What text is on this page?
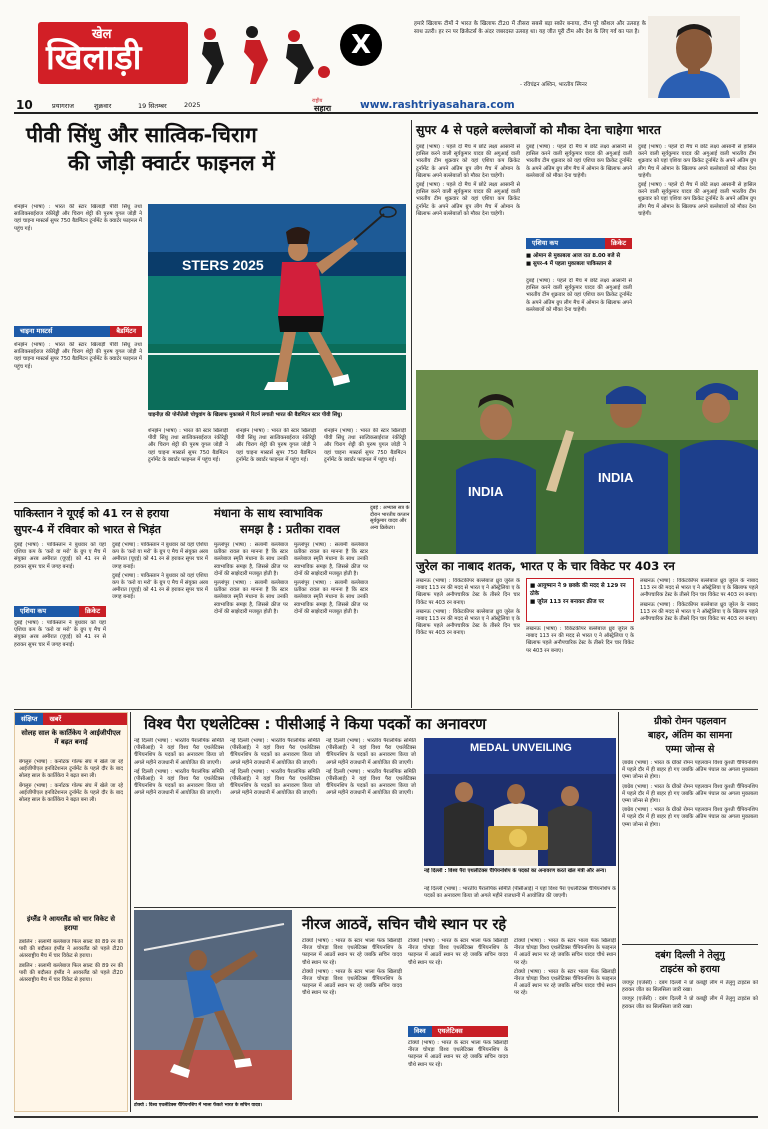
खेल
खिलाड़ी	X
हमारे खिलाफ टीमों ने भारत के खिलाफ टी20 में तीसरा सबसे बड़ा स्कोर बनाया, टीम पूरे कौशल और उत्साह के साथ उतरी। हर रन पर क्रिकेटर्स के अंदर जबरदस्त उत्साह था। यह जीत पूरी टीम और देश के लिए गर्व का पल है।
- रविचंद्रन अश्विन, भारतीय स्पिनर
10	प्रयागराज	शुक्रवार	19 सितम्बर	2025	राष्ट्रीय
सहारा	www.rashtriyasahara.com
पीवी सिंधु और सात्विक-चिराग
की जोड़ी क्वार्टर फाइनल में
शेनझेन (भाषा) : भारत की स्टार खिलाड़ी पीवी सिंधु तथा सात्विकसाईराज रंकीरेड्डी और चिराग शेट्टी की पुरुष युगल जोड़ी ने यहां चाइना मास्टर्स सुपर 750 बैडमिंटन टूर्नामेंट के क्वार्टर फाइनल में पहुंच गई।
चाइना मास्टर्स	बैडमिंटन

शेनझेन (भाषा) : भारत की स्टार खिलाड़ी पीवी सिंधु तथा सात्विकसाईराज रंकीरेड्डी और चिराग शेट्टी की पुरुष युगल जोड़ी ने यहां चाइना मास्टर्स सुपर 750 बैडमिंटन टूर्नामेंट के क्वार्टर फाइनल में पहुंच गई।

STERS 2025
चाइनीज़ की पोनीतेली चोचुवांग के खिलाफ मुकाबले में रिटर्न लगाती भारत की बैडमिंटन स्टार पीवी सिंधु।

शेनझेन (भाषा) : भारत की स्टार खिलाड़ी पीवी सिंधु तथा सात्विकसाईराज रंकीरेड्डी और चिराग शेट्टी की पुरुष युगल जोड़ी ने यहां चाइना मास्टर्स सुपर 750 बैडमिंटन टूर्नामेंट के क्वार्टर फाइनल में पहुंच गई।

शेनझेन (भाषा) : भारत की स्टार खिलाड़ी पीवी सिंधु तथा सात्विकसाईराज रंकीरेड्डी और चिराग शेट्टी की पुरुष युगल जोड़ी ने यहां चाइना मास्टर्स सुपर 750 बैडमिंटन टूर्नामेंट के क्वार्टर फाइनल में पहुंच गई।

शेनझेन (भाषा) : भारत की स्टार खिलाड़ी पीवी सिंधु तथा सात्विकसाईराज रंकीरेड्डी और चिराग शेट्टी की पुरुष युगल जोड़ी ने यहां चाइना मास्टर्स सुपर 750 बैडमिंटन टूर्नामेंट के क्वार्टर फाइनल में पहुंच गई।

सुपर 4 से पहले बल्लेबाजों को मौका देना चाहेगा भारत

दुबई (भाषा) : पहले दो मैच में छोटे लक्ष्य आसानी से हासिल करने वाली सूर्यकुमार यादव की अगुआई वाली भारतीय टीम शुक्रवार को यहां एशिया कप क्रिकेट टूर्नामेंट के अपने अंतिम ग्रुप लीग मैच में ओमान के खिलाफ अपने बल्लेबाजों को मौका देना चाहेगी।

दुबई (भाषा) : पहले दो मैच में छोटे लक्ष्य आसानी से हासिल करने वाली सूर्यकुमार यादव की अगुआई वाली भारतीय टीम शुक्रवार को यहां एशिया कप क्रिकेट टूर्नामेंट के अपने अंतिम ग्रुप लीग मैच में ओमान के खिलाफ अपने बल्लेबाजों को मौका देना चाहेगी।

दुबई (भाषा) : पहले दो मैच में छोटे लक्ष्य आसानी से हासिल करने वाली सूर्यकुमार यादव की अगुआई वाली भारतीय टीम शुक्रवार को यहां एशिया कप क्रिकेट टूर्नामेंट के अपने अंतिम ग्रुप लीग मैच में ओमान के खिलाफ अपने बल्लेबाजों को मौका देना चाहेगी।

एशिया कप	क्रिकेट
■ ओमान से मुकाबला आज रात 8.00 बजे से
■ सुपर-4 में पहला मुकाबला पाकिस्तान से

दुबई (भाषा) : पहले दो मैच में छोटे लक्ष्य आसानी से हासिल करने वाली सूर्यकुमार यादव की अगुआई वाली भारतीय टीम शुक्रवार को यहां एशिया कप क्रिकेट टूर्नामेंट के अपने अंतिम ग्रुप लीग मैच में ओमान के खिलाफ अपने बल्लेबाजों को मौका देना चाहेगी।

दुबई (भाषा) : पहले दो मैच में छोटे लक्ष्य आसानी से हासिल करने वाली सूर्यकुमार यादव की अगुआई वाली भारतीय टीम शुक्रवार को यहां एशिया कप क्रिकेट टूर्नामेंट के अपने अंतिम ग्रुप लीग मैच में ओमान के खिलाफ अपने बल्लेबाजों को मौका देना चाहेगी।

दुबई (भाषा) : पहले दो मैच में छोटे लक्ष्य आसानी से हासिल करने वाली सूर्यकुमार यादव की अगुआई वाली भारतीय टीम शुक्रवार को यहां एशिया कप क्रिकेट टूर्नामेंट के अपने अंतिम ग्रुप लीग मैच में ओमान के खिलाफ अपने बल्लेबाजों को मौका देना चाहेगी।

INDIA
INDIA
दुबई : अभ्यास सत्र के दौरान भारतीय कप्तान सूर्यकुमार यादव और अन्य क्रिकेटर।
पाकिस्तान ने यूएई को 41 रन से हराया
सुपर-4 में रविवार को भारत से भिड़ंत

दुबई (भाषा) : पाकिस्तान ने बुधवार को यहां एशिया कप के ‘करो या मरो’ के ग्रुप ए मैच में संयुक्त अरब अमीरात (यूएई) को 41 रन से हराकर सुपर चार में जगह बनाई।

एशिया कप	क्रिकेट

दुबई (भाषा) : पाकिस्तान ने बुधवार को यहां एशिया कप के ‘करो या मरो’ के ग्रुप ए मैच में संयुक्त अरब अमीरात (यूएई) को 41 रन से हराकर सुपर चार में जगह बनाई।

दुबई (भाषा) : पाकिस्तान ने बुधवार को यहां एशिया कप के ‘करो या मरो’ के ग्रुप ए मैच में संयुक्त अरब अमीरात (यूएई) को 41 रन से हराकर सुपर चार में जगह बनाई।

दुबई (भाषा) : पाकिस्तान ने बुधवार को यहां एशिया कप के ‘करो या मरो’ के ग्रुप ए मैच में संयुक्त अरब अमीरात (यूएई) को 41 रन से हराकर सुपर चार में जगह बनाई।

मंधाना के साथ स्वाभाविक
समझ है : प्रतीका रावल

मुल्लांपुर (भाषा) : सलामी बल्लेबाज प्रतीका रावल का मानना है कि स्टार बल्लेबाज स्मृति मंधाना के साथ उनकी स्वाभाविक समझ है, जिससे क्रीज पर दोनों की साझेदारी मजबूत होती है।

मुल्लांपुर (भाषा) : सलामी बल्लेबाज प्रतीका रावल का मानना है कि स्टार बल्लेबाज स्मृति मंधाना के साथ उनकी स्वाभाविक समझ है, जिससे क्रीज पर दोनों की साझेदारी मजबूत होती है।

मुल्लांपुर (भाषा) : सलामी बल्लेबाज प्रतीका रावल का मानना है कि स्टार बल्लेबाज स्मृति मंधाना के साथ उनकी स्वाभाविक समझ है, जिससे क्रीज पर दोनों की साझेदारी मजबूत होती है।

मुल्लांपुर (भाषा) : सलामी बल्लेबाज प्रतीका रावल का मानना है कि स्टार बल्लेबाज स्मृति मंधाना के साथ उनकी स्वाभाविक समझ है, जिससे क्रीज पर दोनों की साझेदारी मजबूत होती है।

जुरेल का नाबाद शतक, भारत ए के चार विकेट पर 403 रन

लखनऊ (भाषा) : विकेटकीपर बल्लेबाज ध्रुव जुरेल के नाबाद 113 रन की मदद से भारत ए ने ऑस्ट्रेलिया ए के खिलाफ पहले अनौपचारिक टेस्ट के तीसरे दिन चार विकेट पर 403 रन बनाए।

लखनऊ (भाषा) : विकेटकीपर बल्लेबाज ध्रुव जुरेल के नाबाद 113 रन की मदद से भारत ए ने ऑस्ट्रेलिया ए के खिलाफ पहले अनौपचारिक टेस्ट के तीसरे दिन चार विकेट पर 403 रन बनाए।

■ आयुष्मान ने 9 छक्के की मदद से 129 रन ठोके
■ जुरेल 113 रन बनाकर क्रीज पर

लखनऊ (भाषा) : विकेटकीपर बल्लेबाज ध्रुव जुरेल के नाबाद 113 रन की मदद से भारत ए ने ऑस्ट्रेलिया ए के खिलाफ पहले अनौपचारिक टेस्ट के तीसरे दिन चार विकेट पर 403 रन बनाए।

लखनऊ (भाषा) : विकेटकीपर बल्लेबाज ध्रुव जुरेल के नाबाद 113 रन की मदद से भारत ए ने ऑस्ट्रेलिया ए के खिलाफ पहले अनौपचारिक टेस्ट के तीसरे दिन चार विकेट पर 403 रन बनाए।

लखनऊ (भाषा) : विकेटकीपर बल्लेबाज ध्रुव जुरेल के नाबाद 113 रन की मदद से भारत ए ने ऑस्ट्रेलिया ए के खिलाफ पहले अनौपचारिक टेस्ट के तीसरे दिन चार विकेट पर 403 रन बनाए।

संक्षिप्त	खबरें
सोलह साल के कार्तिकेय ने आईजीपीएल में बढ़त बनाई

बेंगलुरु (भाषा) : कर्नाटक गोल्फ संघ में खेले जा रहे आईजीपीएल इनविटेशनल टूर्नामेंट के पहले दौर के बाद सोलह साल के कार्तिकेय ने बढ़त बना ली।

बेंगलुरु (भाषा) : कर्नाटक गोल्फ संघ में खेले जा रहे आईजीपीएल इनविटेशनल टूर्नामेंट के पहले दौर के बाद सोलह साल के कार्तिकेय ने बढ़त बना ली।

इंग्लैंड ने आयरलैंड को चार विकेट से हराया

डबलिन : सलामी बल्लेबाज फिल साल्ट की 89 रन की पारी की बदौलत इंग्लैंड ने आयरलैंड को पहले टी20 अंतरराष्ट्रीय मैच में चार विकेट से हराया।

डबलिन : सलामी बल्लेबाज फिल साल्ट की 89 रन की पारी की बदौलत इंग्लैंड ने आयरलैंड को पहले टी20 अंतरराष्ट्रीय मैच में चार विकेट से हराया।

विश्व पैरा एथलेटिक्स : पीसीआई ने किया पदकों का अनावरण

नई दिल्ली (भाषा) : भारतीय पैरालंपिक समिति (पीसीआई) ने यहां विश्व पैरा एथलेटिक्स चैंपियनशिप के पदकों का अनावरण किया जो अगले महीने राजधानी में आयोजित की जाएगी।

नई दिल्ली (भाषा) : भारतीय पैरालंपिक समिति (पीसीआई) ने यहां विश्व पैरा एथलेटिक्स चैंपियनशिप के पदकों का अनावरण किया जो अगले महीने राजधानी में आयोजित की जाएगी।

नई दिल्ली (भाषा) : भारतीय पैरालंपिक समिति (पीसीआई) ने यहां विश्व पैरा एथलेटिक्स चैंपियनशिप के पदकों का अनावरण किया जो अगले महीने राजधानी में आयोजित की जाएगी।

नई दिल्ली (भाषा) : भारतीय पैरालंपिक समिति (पीसीआई) ने यहां विश्व पैरा एथलेटिक्स चैंपियनशिप के पदकों का अनावरण किया जो अगले महीने राजधानी में आयोजित की जाएगी।

नई दिल्ली (भाषा) : भारतीय पैरालंपिक समिति (पीसीआई) ने यहां विश्व पैरा एथलेटिक्स चैंपियनशिप के पदकों का अनावरण किया जो अगले महीने राजधानी में आयोजित की जाएगी।

नई दिल्ली (भाषा) : भारतीय पैरालंपिक समिति (पीसीआई) ने यहां विश्व पैरा एथलेटिक्स चैंपियनशिप के पदकों का अनावरण किया जो अगले महीने राजधानी में आयोजित की जाएगी।

MEDAL UNVEILING
नई दिल्ली : विश्व पैरा एथलेटिक्स चैंपियनशिप के पदकों का अनावरण करते खेल मंत्री और अन्य।

नई दिल्ली (भाषा) : भारतीय पैरालंपिक समिति (पीसीआई) ने यहां विश्व पैरा एथलेटिक्स चैंपियनशिप के पदकों का अनावरण किया जो अगले महीने राजधानी में आयोजित की जाएगी।

ग्रीको रोमन पहलवान
बाहर, अंतिम का सामना
एम्मा जोन्स से

ज़ाग्रेब (भाषा) : भारत के ग्रीको रोमन पहलवान विश्व कुश्ती चैंपियनशिप में पहले दौर में ही बाहर हो गए जबकि अंतिम पंघाल का अगला मुकाबला एम्मा जोन्स से होगा।

ज़ाग्रेब (भाषा) : भारत के ग्रीको रोमन पहलवान विश्व कुश्ती चैंपियनशिप में पहले दौर में ही बाहर हो गए जबकि अंतिम पंघाल का अगला मुकाबला एम्मा जोन्स से होगा।

ज़ाग्रेब (भाषा) : भारत के ग्रीको रोमन पहलवान विश्व कुश्ती चैंपियनशिप में पहले दौर में ही बाहर हो गए जबकि अंतिम पंघाल का अगला मुकाबला एम्मा जोन्स से होगा।

टोक्यो : विश्व एथलेटिक्स चैंपियनशिप में भाला फेंकते भारत के सचिन यादव।
नीरज आठवें, सचिन चौथे स्थान पर रहे

टोक्यो (भाषा) : भारत के स्टार भाला फेंक खिलाड़ी नीरज चोपड़ा विश्व एथलेटिक्स चैंपियनशिप के फाइनल में आठवें स्थान पर रहे जबकि सचिन यादव चौथे स्थान पर रहे।

टोक्यो (भाषा) : भारत के स्टार भाला फेंक खिलाड़ी नीरज चोपड़ा विश्व एथलेटिक्स चैंपियनशिप के फाइनल में आठवें स्थान पर रहे जबकि सचिन यादव चौथे स्थान पर रहे।

टोक्यो (भाषा) : भारत के स्टार भाला फेंक खिलाड़ी नीरज चोपड़ा विश्व एथलेटिक्स चैंपियनशिप के फाइनल में आठवें स्थान पर रहे जबकि सचिन यादव चौथे स्थान पर रहे।

विश्व	एथलेटिक्स

टोक्यो (भाषा) : भारत के स्टार भाला फेंक खिलाड़ी नीरज चोपड़ा विश्व एथलेटिक्स चैंपियनशिप के फाइनल में आठवें स्थान पर रहे जबकि सचिन यादव चौथे स्थान पर रहे।

टोक्यो (भाषा) : भारत के स्टार भाला फेंक खिलाड़ी नीरज चोपड़ा विश्व एथलेटिक्स चैंपियनशिप के फाइनल में आठवें स्थान पर रहे जबकि सचिन यादव चौथे स्थान पर रहे।

टोक्यो (भाषा) : भारत के स्टार भाला फेंक खिलाड़ी नीरज चोपड़ा विश्व एथलेटिक्स चैंपियनशिप के फाइनल में आठवें स्थान पर रहे जबकि सचिन यादव चौथे स्थान पर रहे।

दबंग दिल्ली ने तेलुगु
टाइटंस को हराया

जयपुर (एजेंसी) : दबंग दिल्ली ने प्रो कबड्डी लीग में तेलुगु टाइटंस को हराकर जीत का सिलसिला जारी रखा।

जयपुर (एजेंसी) : दबंग दिल्ली ने प्रो कबड्डी लीग में तेलुगु टाइटंस को हराकर जीत का सिलसिला जारी रखा।
